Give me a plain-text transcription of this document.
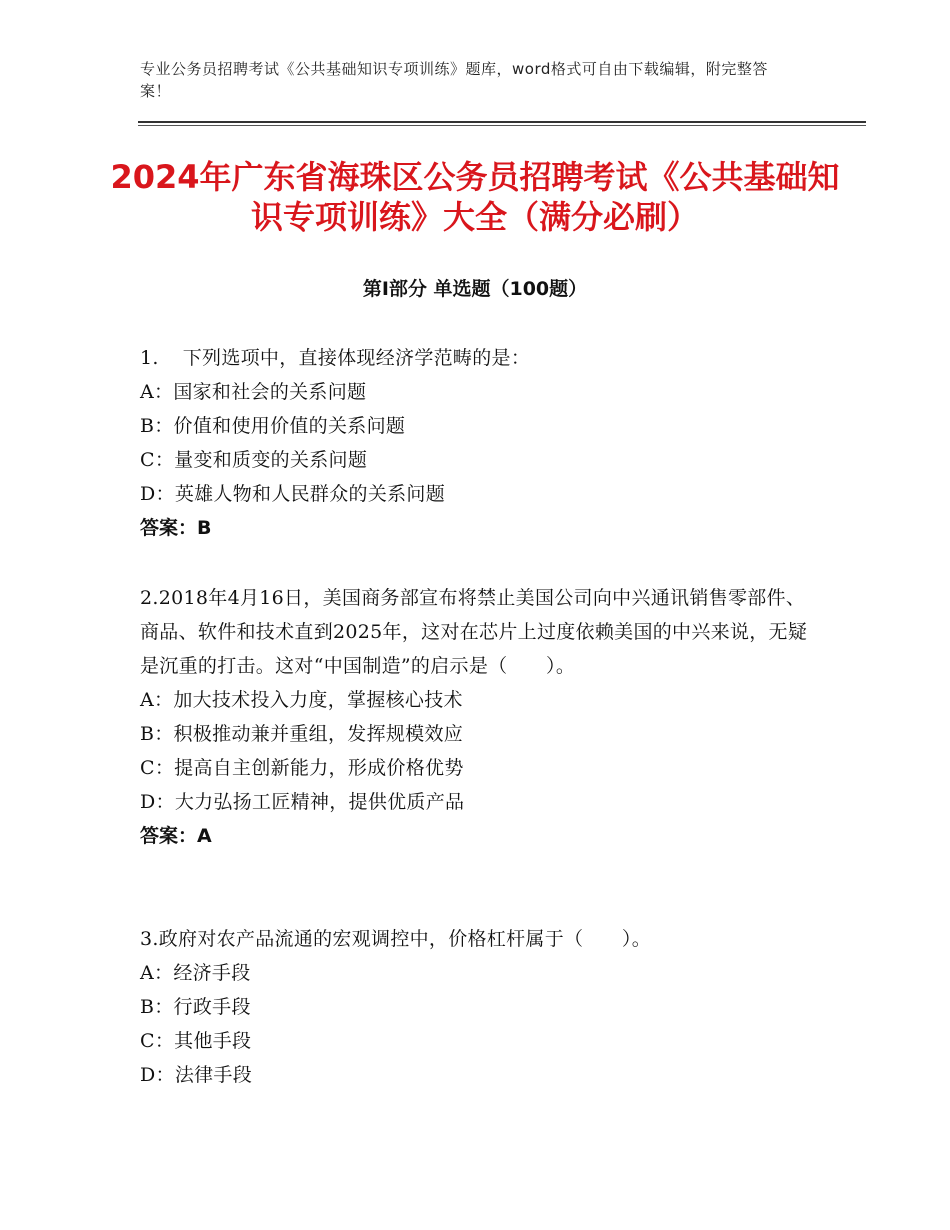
专业公务员招聘考试《公共基础知识专项训练》题库，word格式可自由下载编辑，附完整答案！
2024年广东省海珠区公务员招聘考试《公共基础知识专项训练》大全（满分必刷）
第Ⅰ部分 单选题（100题）
1. 下列选项中，直接体现经济学范畴的是：
A：国家和社会的关系问题
B：价值和使用价值的关系问题
C：量变和质变的关系问题
D：英雄人物和人民群众的关系问题
答案：B
2.2018年4月16日，美国商务部宣布将禁止美国公司向中兴通讯销售零部件、商品、软件和技术直到2025年，这对在芯片上过度依赖美国的中兴来说，无疑是沉重的打击。这对“中国制造”的启示是（　　）。
A：加大技术投入力度，掌握核心技术
B：积极推动兼并重组，发挥规模效应
C：提高自主创新能力，形成价格优势
D：大力弘扬工匠精神，提供优质产品
答案：A
3.政府对农产品流通的宏观调控中，价格杠杆属于（　　）。
A：经济手段
B：行政手段
C：其他手段
D：法律手段
